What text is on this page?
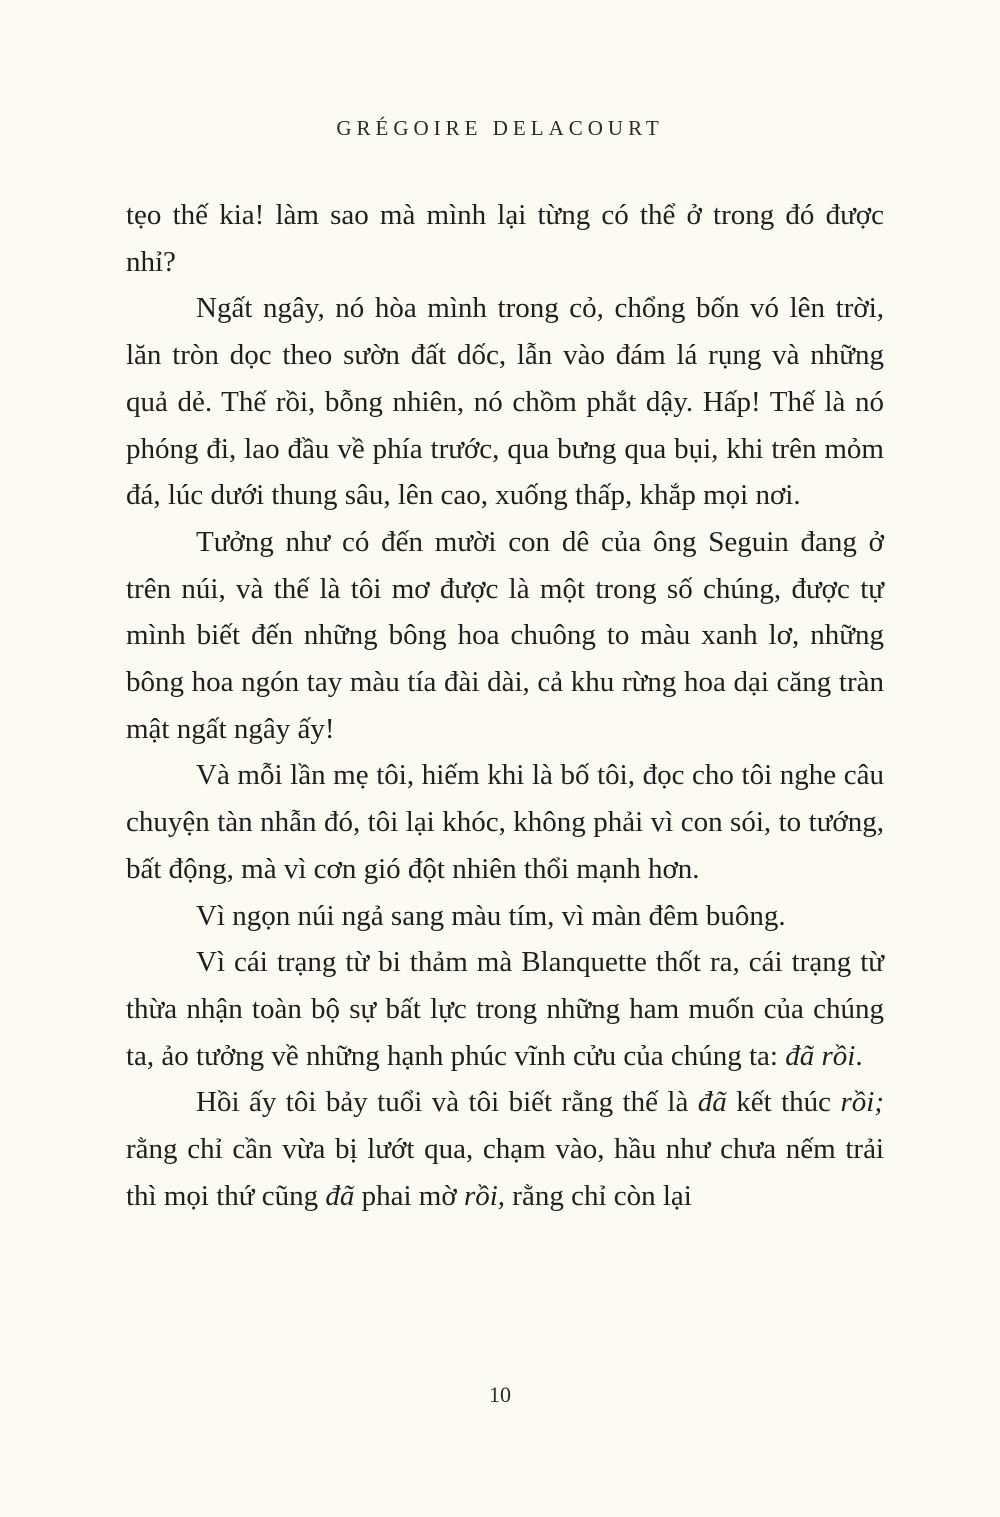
GRÉGOIRE DELACOURT

tẹo thế kia! làm sao mà mình lại từng có thể ở trong đó được nhỉ?

Ngất ngây, nó hòa mình trong cỏ, chổng bốn vó lên trời, lăn tròn dọc theo sườn đất dốc, lẫn vào đám lá rụng và những quả dẻ. Thế rồi, bỗng nhiên, nó chồm phắt dậy. Hấp! Thế là nó phóng đi, lao đầu về phía trước, qua bưng qua bụi, khi trên mỏm đá, lúc dưới thung sâu, lên cao, xuống thấp, khắp mọi nơi.

Tưởng như có đến mười con dê của ông Seguin đang ở trên núi, và thế là tôi mơ được là một trong số chúng, được tự mình biết đến những bông hoa chuông to màu xanh lơ, những bông hoa ngón tay màu tía đài dài, cả khu rừng hoa dại căng tràn mật ngất ngây ấy!

Và mỗi lần mẹ tôi, hiếm khi là bố tôi, đọc cho tôi nghe câu chuyện tàn nhẫn đó, tôi lại khóc, không phải vì con sói, to tướng, bất động, mà vì cơn gió đột nhiên thổi mạnh hơn.

Vì ngọn núi ngả sang màu tím, vì màn đêm buông.

Vì cái trạng từ bi thảm mà Blanquette thốt ra, cái trạng từ thừa nhận toàn bộ sự bất lực trong những ham muốn của chúng ta, ảo tưởng về những hạnh phúc vĩnh cửu của chúng ta: đã rồi.

Hồi ấy tôi bảy tuổi và tôi biết rằng thế là đã kết thúc rồi; rằng chỉ cần vừa bị lướt qua, chạm vào, hầu như chưa nếm trải thì mọi thứ cũng đã phai mờ rồi, rằng chỉ còn lại

10
